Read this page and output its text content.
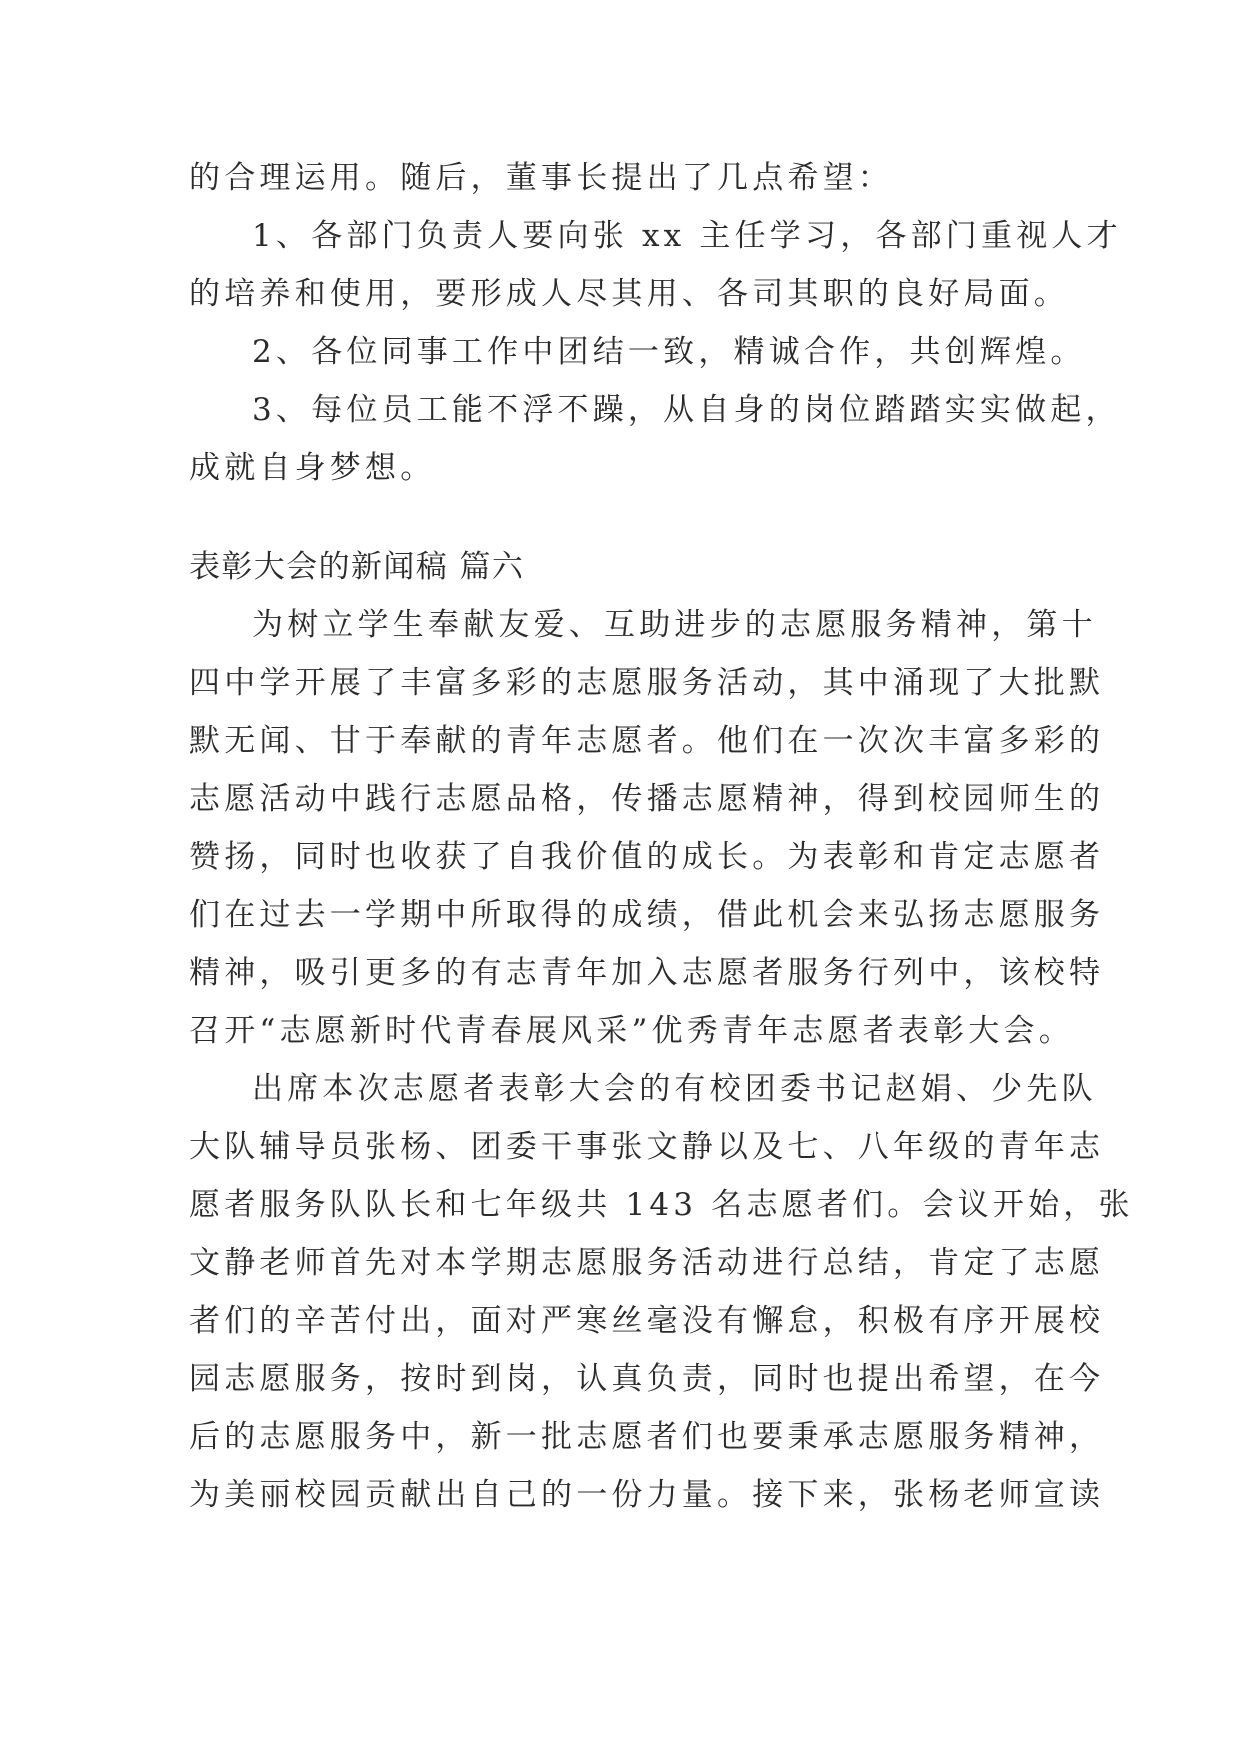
的合理运用。随后，董事长提出了几点希望：

1、各部门负责人要向张 xx 主任学习，各部门重视人才

的培养和使用，要形成人尽其用、各司其职的良好局面。

2、各位同事工作中团结一致，精诚合作，共创辉煌。

3、每位员工能不浮不躁，从自身的岗位踏踏实实做起，

成就自身梦想。

表彰大会的新闻稿 篇六

为树立学生奉献友爱、互助进步的志愿服务精神，第十

四中学开展了丰富多彩的志愿服务活动，其中涌现了大批默

默无闻、甘于奉献的青年志愿者。他们在一次次丰富多彩的

志愿活动中践行志愿品格，传播志愿精神，得到校园师生的

赞扬，同时也收获了自我价值的成长。为表彰和肯定志愿者

们在过去一学期中所取得的成绩，借此机会来弘扬志愿服务

精神，吸引更多的有志青年加入志愿者服务行列中，该校特

召开“志愿新时代青春展风采”优秀青年志愿者表彰大会。

出席本次志愿者表彰大会的有校团委书记赵娟、少先队

大队辅导员张杨、团委干事张文静以及七、八年级的青年志

愿者服务队队长和七年级共 143 名志愿者们。会议开始，张

文静老师首先对本学期志愿服务活动进行总结，肯定了志愿

者们的辛苦付出，面对严寒丝毫没有懈怠，积极有序开展校

园志愿服务，按时到岗，认真负责，同时也提出希望，在今

后的志愿服务中，新一批志愿者们也要秉承志愿服务精神，

为美丽校园贡献出自己的一份力量。接下来，张杨老师宣读
